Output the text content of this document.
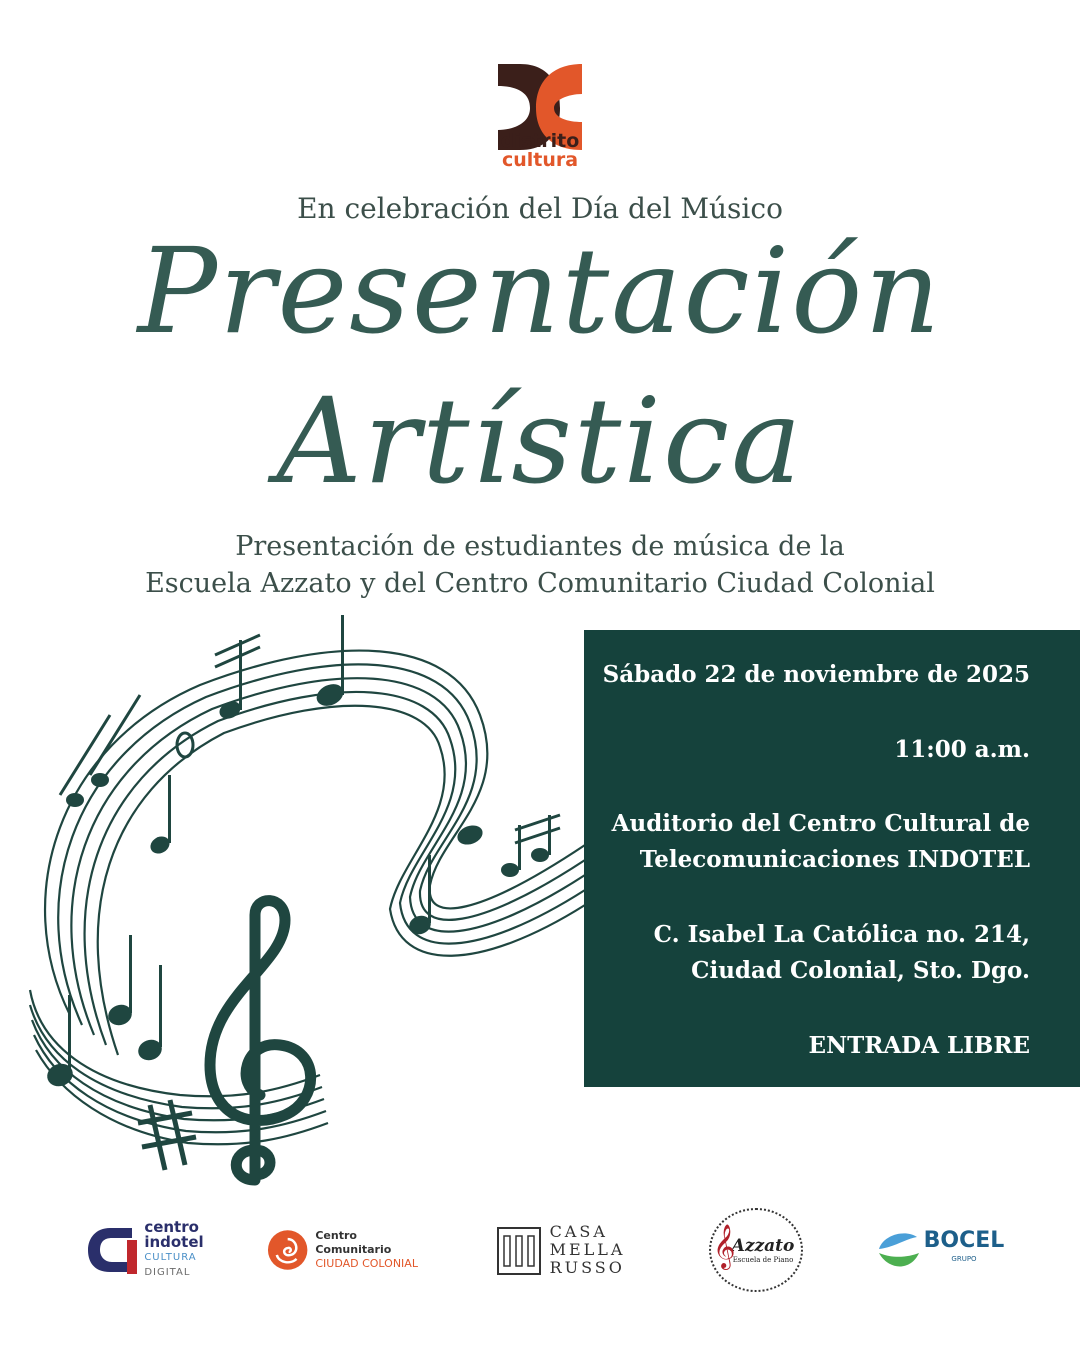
distrito
cultura
En celebración del Día del Músico
Presentación
Artística
Presentación de estudiantes de música de la
Escuela Azzato y del Centro Comunitario Ciudad Colonial
Sábado 22 de noviembre de 2025
11:00 a.m.
Auditorio del Centro Cultural de
Telecomunicaciones INDOTEL
C. Isabel La Católica no. 214,
Ciudad Colonial, Sto. Dgo.
ENTRADA LIBRE
centro
indotel
CULTURA
DIGITAL
Centro Comunitario
CIUDAD COLONIAL
CASA
MELLA
RUSSO 𝄞
Azzato
Escuela de Piano
BOCEL
GRUPO
